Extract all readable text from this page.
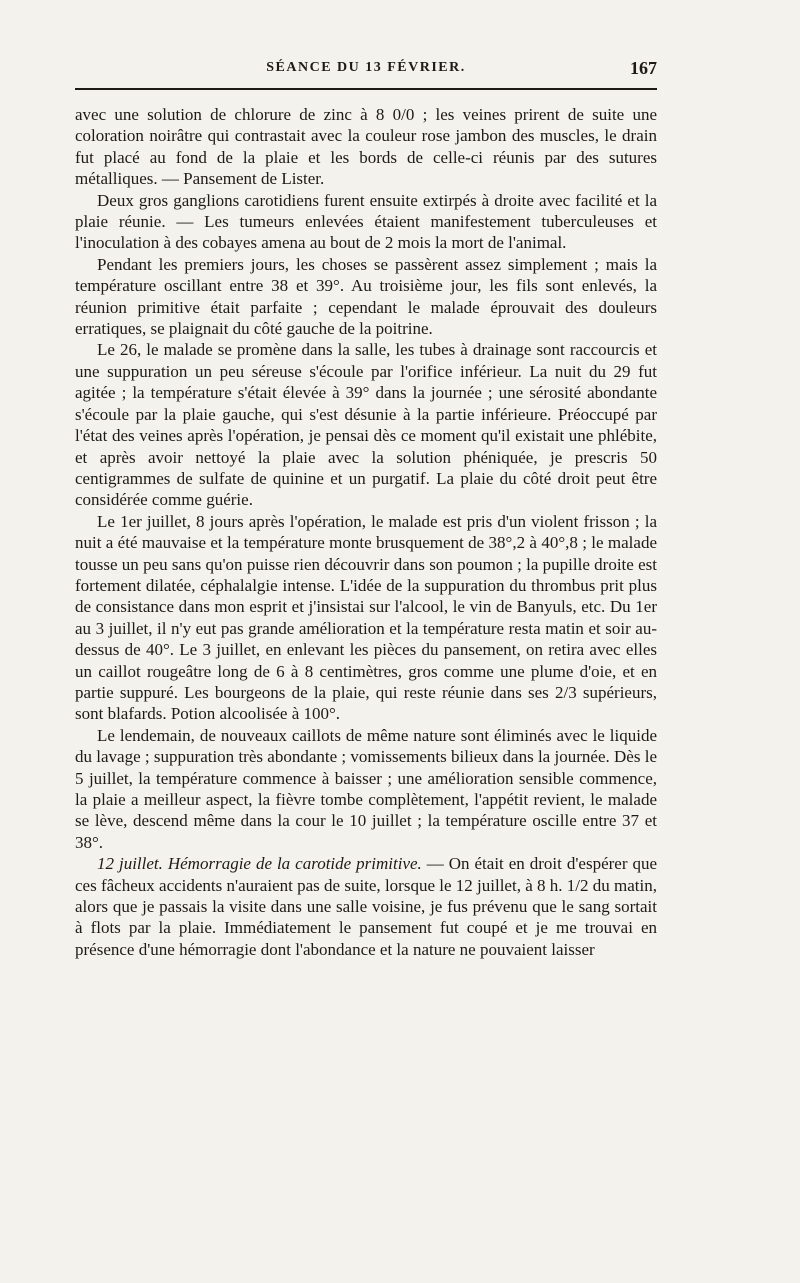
SÉANCE DU 13 FÉVRIER.	167

avec une solution de chlorure de zinc à 8 0/0 ; les veines prirent de suite une coloration noirâtre qui contrastait avec la couleur rose jambon des muscles, le drain fut placé au fond de la plaie et les bords de celle-ci réunis par des sutures métalliques. — Pansement de Lister.

Deux gros ganglions carotidiens furent ensuite extirpés à droite avec facilité et la plaie réunie. — Les tumeurs enlevées étaient manifestement tuberculeuses et l'inoculation à des cobayes amena au bout de 2 mois la mort de l'animal.

Pendant les premiers jours, les choses se passèrent assez simplement ; mais la température oscillant entre 38 et 39°. Au troisième jour, les fils sont enlevés, la réunion primitive était parfaite ; cependant le malade éprouvait des douleurs erratiques, se plaignait du côté gauche de la poitrine.

Le 26, le malade se promène dans la salle, les tubes à drainage sont raccourcis et une suppuration un peu séreuse s'écoule par l'orifice inférieur. La nuit du 29 fut agitée ; la température s'était élevée à 39° dans la journée ; une sérosité abondante s'écoule par la plaie gauche, qui s'est désunie à la partie inférieure. Préoccupé par l'état des veines après l'opération, je pensai dès ce moment qu'il existait une phlébite, et après avoir nettoyé la plaie avec la solution phéniquée, je prescris 50 centigrammes de sulfate de quinine et un purgatif. La plaie du côté droit peut être considérée comme guérie.

Le 1er juillet, 8 jours après l'opération, le malade est pris d'un violent frisson ; la nuit a été mauvaise et la température monte brusquement de 38°,2 à 40°,8 ; le malade tousse un peu sans qu'on puisse rien découvrir dans son poumon ; la pupille droite est fortement dilatée, céphalalgie intense. L'idée de la suppuration du thrombus prit plus de consistance dans mon esprit et j'insistai sur l'alcool, le vin de Banyuls, etc. Du 1er au 3 juillet, il n'y eut pas grande amélioration et la température resta matin et soir au-dessus de 40°. Le 3 juillet, en enlevant les pièces du pansement, on retira avec elles un caillot rougeâtre long de 6 à 8 centimètres, gros comme une plume d'oie, et en partie suppuré. Les bourgeons de la plaie, qui reste réunie dans ses 2/3 supérieurs, sont blafards. Potion alcoolisée à 100°.

Le lendemain, de nouveaux caillots de même nature sont éliminés avec le liquide du lavage ; suppuration très abondante ; vomissements bilieux dans la journée. Dès le 5 juillet, la température commence à baisser ; une amélioration sensible commence, la plaie a meilleur aspect, la fièvre tombe complètement, l'appétit revient, le malade se lève, descend même dans la cour le 10 juillet ; la température oscille entre 37 et 38°.

12 juillet. Hémorragie de la carotide primitive. — On était en droit d'espérer que ces fâcheux accidents n'auraient pas de suite, lorsque le 12 juillet, à 8 h. 1/2 du matin, alors que je passais la visite dans une salle voisine, je fus prévenu que le sang sortait à flots par la plaie. Immédiatement le pansement fut coupé et je me trouvai en présence d'une hémorragie dont l'abondance et la nature ne pouvaient laisser
